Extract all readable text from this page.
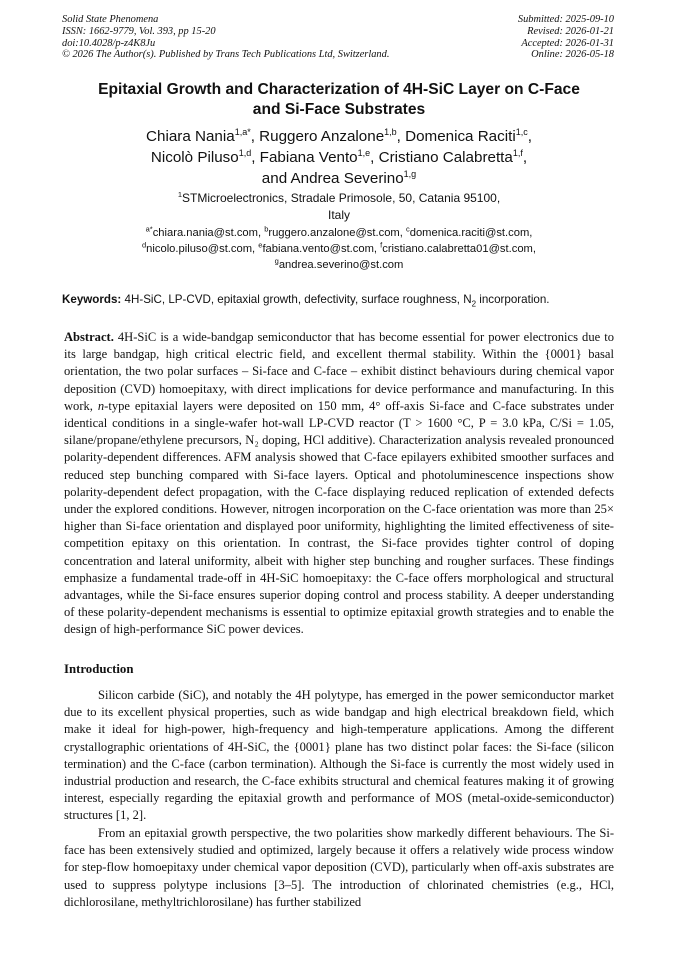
Solid State Phenomena
ISSN: 1662-9779, Vol. 393, pp 15-20
doi:10.4028/p-z4K8Ju
© 2026 The Author(s). Published by Trans Tech Publications Ltd, Switzerland.
Submitted: 2025-09-10
Revised: 2026-01-21
Accepted: 2026-01-31
Online: 2026-05-18
Epitaxial Growth and Characterization of 4H-SiC Layer on C-Face
and Si-Face Substrates
Chiara Nania$^{1,a*}$, Ruggero Anzalone$^{1,b}$, Domenica Raciti$^{1,c}$,
Nicolò Piluso$^{1,d}$, Fabiana Vento$^{1,e}$, Cristiano Calabretta$^{1,f}$,
and Andrea Severino$^{1,g}$
$^1$STMicroelectronics, Stradale Primosole, 50, Catania 95100,
Italy
$^{a*}$chiara.nania@st.com, $^b$ruggero.anzalone@st.com, $^c$domenica.raciti@st.com,
$^d$nicolo.piluso@st.com, $^e$fabiana.vento@st.com, $^f$cristiano.calabretta01@st.com,
$^g$andrea.severino@st.com
Keywords: 4H-SiC, LP-CVD, epitaxial growth, defectivity, surface roughness, $N_2$ incorporation.
Abstract. 4H-SiC is a wide-bandgap semiconductor that has become essential for power electronics due to its large bandgap, high critical electric field, and excellent thermal stability. Within the {0001} basal orientation, the two polar surfaces – Si-face and C-face – exhibit distinct behaviours during chemical vapor deposition (CVD) homoepitaxy, with direct implications for device performance and manufacturing. In this work, n-type epitaxial layers were deposited on 150 mm, 4° off-axis Si-face and C-face substrates under identical conditions in a single-wafer hot-wall LP-CVD reactor (T > 1600 °C, P = 3.0 kPa, C/Si = 1.05, silane/propane/ethylene precursors, N₂ doping, HCl additive). Characterization analysis revealed pronounced polarity-dependent differences. AFM analysis showed that C-face epilayers exhibited smoother surfaces and reduced step bunching compared with Si-face layers. Optical and photoluminescence inspections show polarity-dependent defect propagation, with the C-face displaying reduced replication of extended defects under the explored conditions. However, nitrogen incorporation on the C-face orientation was more than 25× higher than Si-face orientation and displayed poor uniformity, highlighting the limited effectiveness of site-competition epitaxy on this orientation. In contrast, the Si-face provides tighter control of doping concentration and lateral uniformity, albeit with higher step bunching and rougher surfaces. These findings emphasize a fundamental trade-off in 4H-SiC homoepitaxy: the C-face offers morphological and structural advantages, while the Si-face ensures superior doping control and process stability. A deeper understanding of these polarity-dependent mechanisms is essential to optimize epitaxial growth strategies and to enable the design of high-performance SiC power devices.
Introduction
Silicon carbide (SiC), and notably the 4H polytype, has emerged in the power semiconductor market due to its excellent physical properties, such as wide bandgap and high electrical breakdown field, which make it ideal for high-power, high-frequency and high-temperature applications. Among the different crystallographic orientations of 4H-SiC, the {0001} plane has two distinct polar faces: the Si-face (silicon termination) and the C-face (carbon termination). Although the Si-face is currently the most widely used in industrial production and research, the C-face exhibits structural and chemical features making it of growing interest, especially regarding the epitaxial growth and performance of MOS (metal-oxide-semiconductor) structures [1, 2].
From an epitaxial growth perspective, the two polarities show markedly different behaviours. The Si-face has been extensively studied and optimized, largely because it offers a relatively wide process window for step-flow homoepitaxy under chemical vapor deposition (CVD), particularly when off-axis substrates are used to suppress polytype inclusions [3–5]. The introduction of chlorinated chemistries (e.g., HCl, dichlorosilane, methyltrichlorosilane) has further stabilized
